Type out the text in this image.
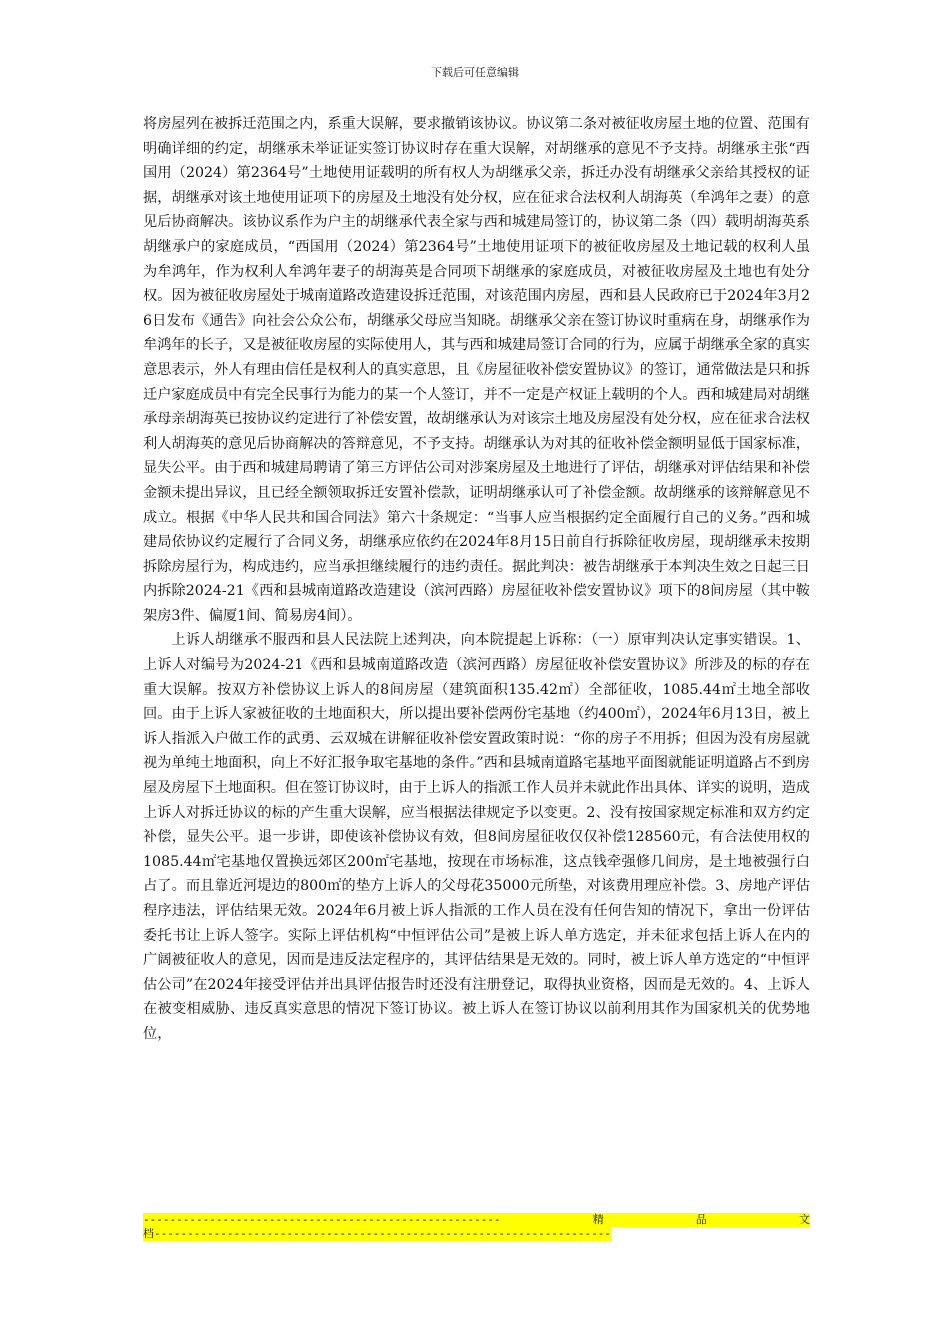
下载后可任意编辑

将房屋列在被拆迁范围之内，系重大误解，要求撤销该协议。协议第二条对被征收房屋土地的位置、范围有明确详细的约定，胡继承未举证证实签订协议时存在重大误解，对胡继承的意见不予支持。胡继承主张“西国用（2024）第2364号”土地使用证载明的所有权人为胡继承父亲，拆迁办没有胡继承父亲给其授权的证据，胡继承对该土地使用证项下的房屋及土地没有处分权，应在征求合法权利人胡海英（牟鸿年之妻）的意见后协商解决。该协议系作为户主的胡继承代表全家与西和城建局签订的，协议第二条（四）载明胡海英系胡继承户的家庭成员，“西国用（2024）第2364号”土地使用证项下的被征收房屋及土地记载的权利人虽为牟鸿年，作为权利人牟鸿年妻子的胡海英是合同项下胡继承的家庭成员，对被征收房屋及土地也有处分权。因为被征收房屋处于城南道路改造建设拆迁范围，对该范围内房屋，西和县人民政府已于2024年3月26日发布《通告》向社会公众公布，胡继承父母应当知晓。胡继承父亲在签订协议时重病在身，胡继承作为牟鸿年的长子，又是被征收房屋的实际使用人，其与西和城建局签订合同的行为，应属于胡继承全家的真实意思表示，外人有理由信任是权利人的真实意思，且《房屋征收补偿安置协议》的签订，通常做法是只和拆迁户家庭成员中有完全民事行为能力的某一个人签订，并不一定是产权证上载明的个人。西和城建局对胡继承母亲胡海英已按协议约定进行了补偿安置，故胡继承认为对该宗土地及房屋没有处分权，应在征求合法权利人胡海英的意见后协商解决的答辩意见，不予支持。胡继承认为对其的征收补偿金额明显低于国家标准，显失公平。由于西和城建局聘请了第三方评估公司对涉案房屋及土地进行了评估，胡继承对评估结果和补偿金额未提出异议，且已经全额领取拆迁安置补偿款，证明胡继承认可了补偿金额。故胡继承的该辩解意见不成立。根据《中华人民共和国合同法》第六十条规定：“当事人应当根据约定全面履行自己的义务。”西和城建局依协议约定履行了合同义务，胡继承应依约在2024年8月15日前自行拆除征收房屋，现胡继承未按期拆除房屋行为，构成违约，应当承担继续履行的违约责任。据此判决：被告胡继承于本判决生效之日起三日内拆除2024-21《西和县城南道路改造建设（滨河西路）房屋征收补偿安置协议》项下的8间房屋（其中鞍架房3件、偏厦1间、简易房4间）。

上诉人胡继承不服西和县人民法院上述判决，向本院提起上诉称：（一）原审判决认定事实错误。1、上诉人对编号为2024-21《西和县城南道路改造（滨河西路）房屋征收补偿安置协议》所涉及的标的存在重大误解。按双方补偿协议上诉人的8间房屋（建筑面积135.42㎡）全部征收，1085.44㎡土地全部收回。由于上诉人家被征收的土地面积大，所以提出要补偿两份宅基地（约400㎡），2024年6月13日，被上诉人指派入户做工作的武勇、云双城在讲解征收补偿安置政策时说：“你的房子不用拆；但因为没有房屋就视为单纯土地面积，向上不好汇报争取宅基地的条件。”西和县城南道路宅基地平面图就能证明道路占不到房屋及房屋下土地面积。但在签订协议时，由于上诉人的指派工作人员并未就此作出具体、详实的说明，造成上诉人对拆迁协议的标的产生重大误解，应当根据法律规定予以变更。2、没有按国家规定标准和双方约定补偿，显失公平。退一步讲，即使该补偿协议有效，但8间房屋征收仅仅补偿128560元，有合法使用权的1085.44㎡宅基地仅置换远郊区200㎡宅基地，按现在市场标准，这点钱牵强修几间房，是土地被强行白占了。而且靠近河堤边的800㎡的垫方上诉人的父母花35000元所垫，对该费用理应补偿。3、房地产评估程序违法，评估结果无效。2024年6月被上诉人指派的工作人员在没有任何告知的情况下，拿出一份评估委托书让上诉人签字。实际上评估机构“中恒评估公司”是被上诉人单方选定，并未征求包括上诉人在内的广阔被征收人的意见，因而是违反法定程序的，其评估结果是无效的。同时，被上诉人单方选定的“中恒评估公司”在2024年接受评估并出具评估报告时还没有注册登记，取得执业资格，因而是无效的。4、上诉人在被变相威胁、违反真实意思的情况下签订协议。被上诉人在签订协议以前利用其作为国家机关的优势地位，

------------------------------------------------------	精	品	文
档---------------------------------------------------------------------
